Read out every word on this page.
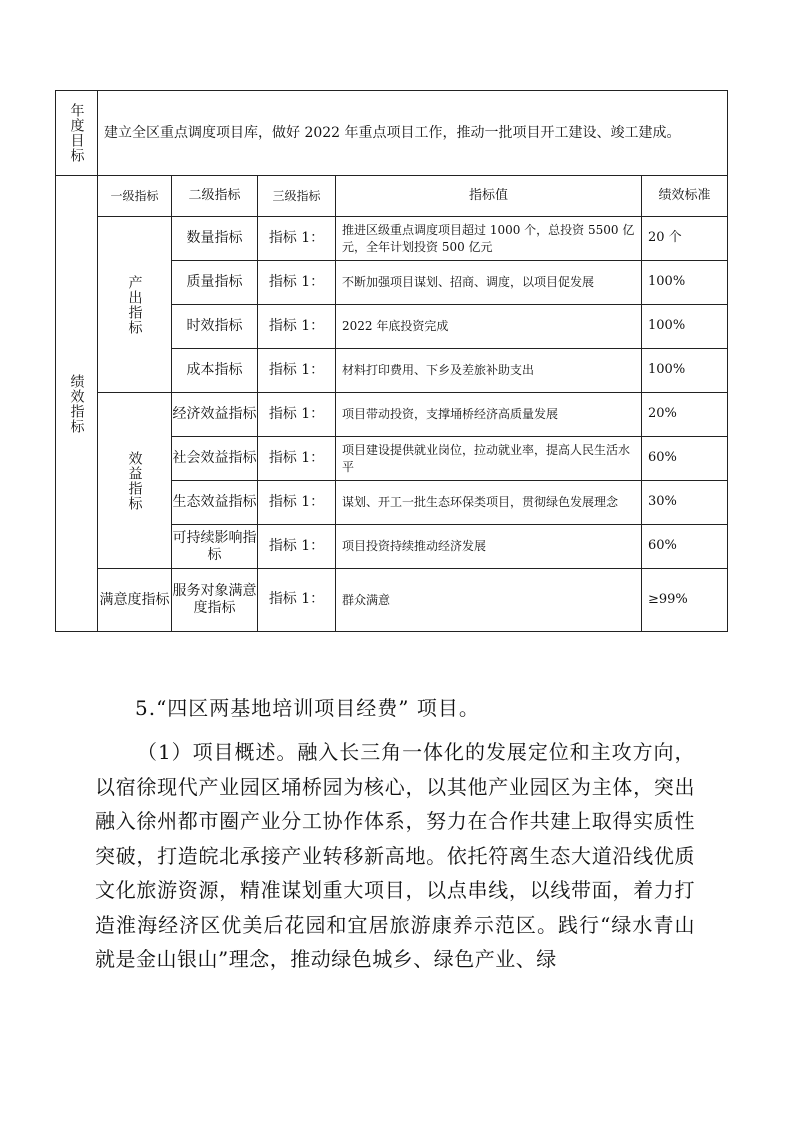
年度目标	建立全区重点调度项目库，做好 2022 年重点项目工作，推动一批项目开工建设、竣工建成。				

绩效指标	一级指标	二级指标	三级指标	指标值	绩效标准

	产出指标	数量指标	指标 1：	推进区级重点调度项目超过 1000 个，总投资 5500 亿元，全年计划投资 500 亿元	20 个
		质量指标	指标 1：	不断加强项目谋划、招商、调度，以项目促发展	100%
		时效指标	指标 1：	2022 年底投资完成	100%
		成本指标	指标 1：	材料打印费用、下乡及差旅补助支出	100%

	效益指标	经济效益指标	指标 1：	项目带动投资，支撑埇桥经济高质量发展	20%
		社会效益指标	指标 1：	项目建设提供就业岗位，拉动就业率，提高人民生活水平	60%
		生态效益指标	指标 1：	谋划、开工一批生态环保类项目，贯彻绿色发展理念	30%
		可持续影响指标	指标 1：	项目投资持续推动经济发展	60%
	满意度指标	服务对象满意度指标	指标 1：	群众满意	≥99%
5.“四区两基地培训项目经费” 项目。

（1）项目概述。融入长三角一体化的发展定位和主攻方向，以宿徐现代产业园区埇桥园为核心，以其他产业园区为主体，突出融入徐州都市圈产业分工协作体系，努力在合作共建上取得实质性突破，打造皖北承接产业转移新高地。依托符离生态大道沿线优质文化旅游资源，精准谋划重大项目，以点串线，以线带面，着力打造淮海经济区优美后花园和宜居旅游康养示范区。践行“绿水青山就是金山银山”理念，推动绿色城乡、绿色产业、绿
